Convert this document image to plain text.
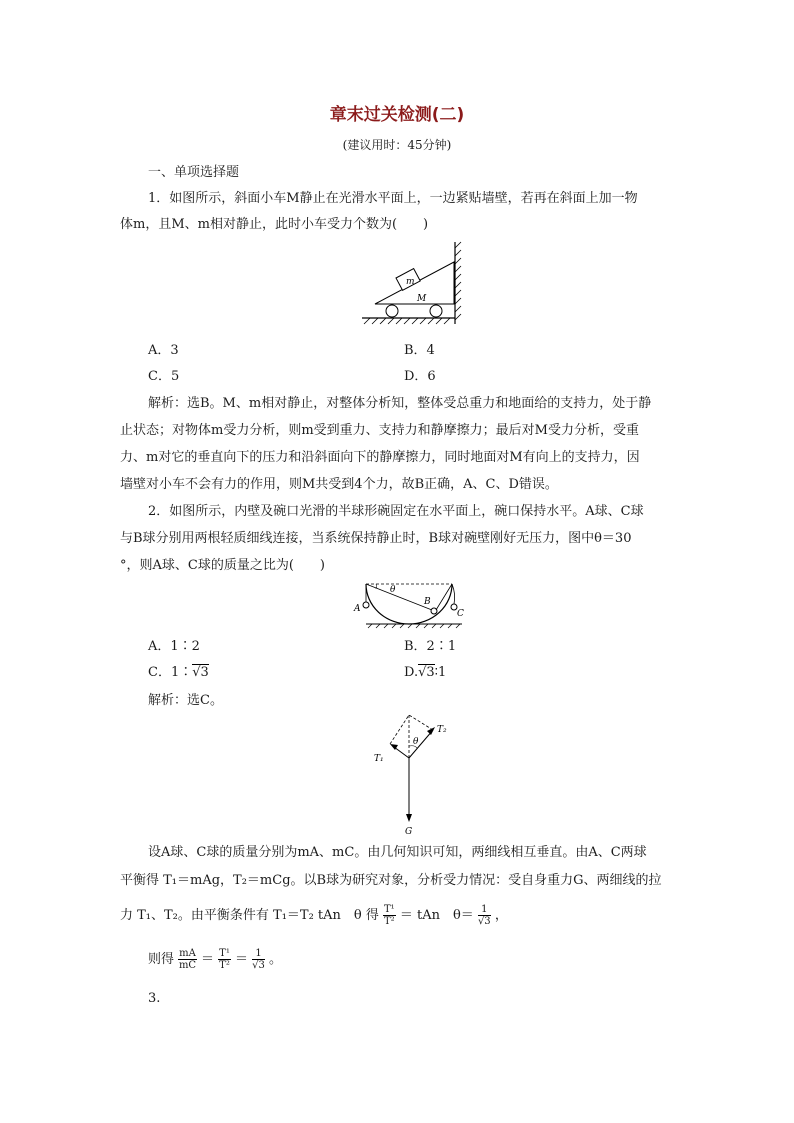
章末过关检测(二)
(建议用时：45分钟)
一、单项选择题
1．如图所示，斜面小车M静止在光滑水平面上，一边紧贴墙壁，若再在斜面上加一物
体m，且M、m相对静止，此时小车受力个数为(　　)
m
M
A．3	B．4
C．5	D．6
解析：选B。M、m相对静止，对整体分析知，整体受总重力和地面给的支持力，处于静
止状态；对物体m受力分析，则m受到重力、支持力和静摩擦力；最后对M受力分析，受重
力、m对它的垂直向下的压力和沿斜面向下的静摩擦力，同时地面对M有向上的支持力，因
墙壁对小车不会有力的作用，则M共受到4个力，故B正确，A、C、D错误。
2．如图所示，内壁及碗口光滑的半球形碗固定在水平面上，碗口保持水平。A球、C球
与B球分别用两根轻质细线连接，当系统保持静止时，B球对碗壁刚好无压力，图中θ＝30
°，则A球、C球的质量之比为(　　)
θ
A
B
C
A．1∶2	B．2∶1
C．1∶√3	D.√3∶1
解析：选C。
θ
T₂
T₁
G
设A球、C球的质量分别为mA、mC。由几何知识可知，两细线相互垂直。由A、C两球
平衡得 T₁＝mAg，T₂＝mCg。以B球为研究对象，分析受力情况：受自身重力G、两细线的拉
力 T₁、T₂。由平衡条件有 T₁＝T₂ tAn　θ 得 $\frac{\text{T¹}}{\text{T²}}$ ＝ tAn　$\theta= \frac{1}{√3}$ ，
则得 $\frac{mA}{mC} = \frac{\text{T¹}}{\text{T²}} = \frac{1}{√3}$ 。
3.
